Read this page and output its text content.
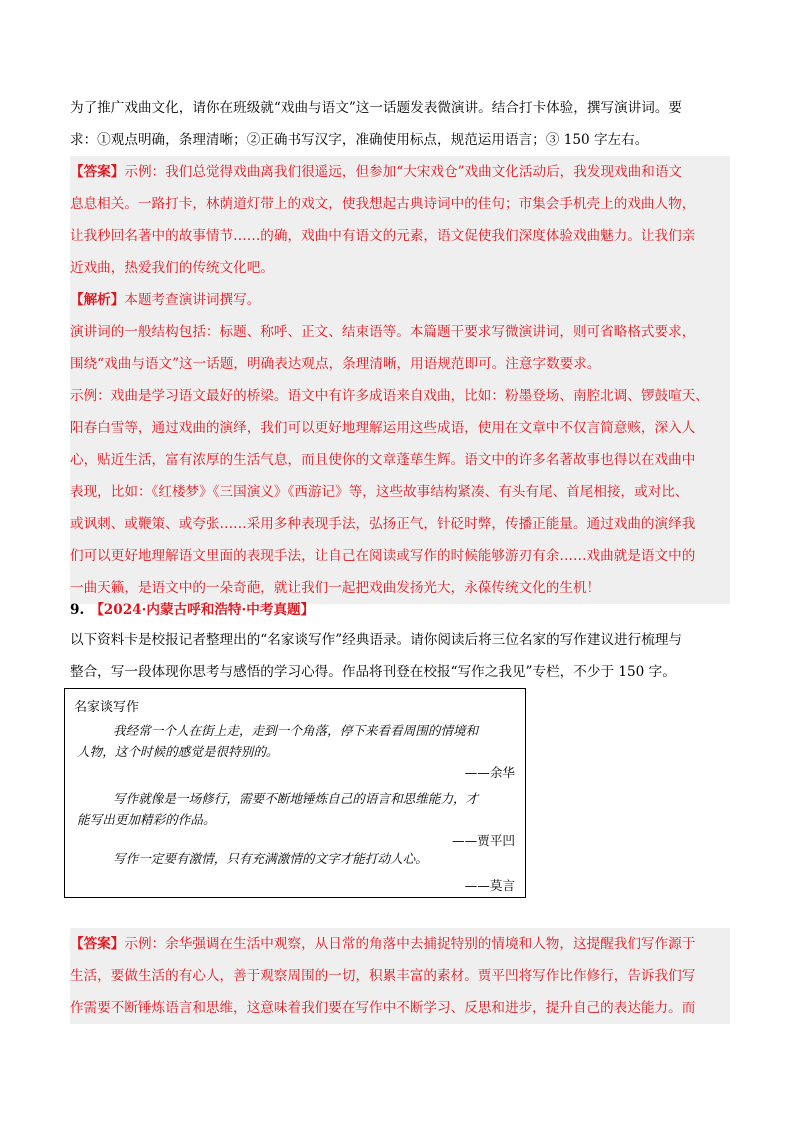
为了推广戏曲文化，请你在班级就“戏曲与语文”这一话题发表微演讲。结合打卡体验，撰写演讲词。要
求：①观点明确，条理清晰；②正确书写汉字，准确使用标点，规范运用语言；③ 150 字左右。
【答案】示例：我们总觉得戏曲离我们很遥远，但参加“大宋戏仓”戏曲文化活动后，我发现戏曲和语文
息息相关。一路打卡，林荫道灯带上的戏文，使我想起古典诗词中的佳句；市集会手机壳上的戏曲人物，
让我秒回名著中的故事情节……的确，戏曲中有语文的元素，语文促使我们深度体验戏曲魅力。让我们亲
近戏曲，热爱我们的传统文化吧。
【解析】本题考查演讲词撰写。
演讲词的一般结构包括：标题、称呼、正文、结束语等。本篇题干要求写微演讲词，则可省略格式要求，
围绕“戏曲与语文”这一话题，明确表达观点，条理清晰，用语规范即可。注意字数要求。
示例：戏曲是学习语文最好的桥梁。语文中有许多成语来自戏曲，比如：粉墨登场、南腔北调、锣鼓喧天、
阳春白雪等，通过戏曲的演绎，我们可以更好地理解运用这些成语，使用在文章中不仅言简意赅，深入人
心，贴近生活，富有浓厚的生活气息，而且使你的文章蓬荜生辉。语文中的许多名著故事也得以在戏曲中
表现，比如：《红楼梦》《三国演义》《西游记》等，这些故事结构紧凑、有头有尾、首尾相接，或对比、
或讽刺、或鞭策、或夸张……采用多种表现手法，弘扬正气，针砭时弊，传播正能量。通过戏曲的演绎我
们可以更好地理解语文里面的表现手法，让自己在阅读或写作的时候能够游刃有余……戏曲就是语文中的
一曲天籁，是语文中的一朵奇葩，就让我们一起把戏曲发扬光大，永葆传统文化的生机！
9. 【2024·内蒙古呼和浩特·中考真题】
以下资料卡是校报记者整理出的“名家谈写作”经典语录。请你阅读后将三位名家的写作建议进行梳理与
整合，写一段体现你思考与感悟的学习心得。作品将刊登在校报“写作之我见”专栏，不少于 150 字。
名家谈写作
我经常一个人在街上走，走到一个角落，停下来看看周围的情境和
人物，这个时候的感觉是很特别的。
——余华
写作就像是一场修行，需要不断地锤炼自己的语言和思维能力，才
能写出更加精彩的作品。
——贾平凹
写作一定要有激情，只有充满激情的文字才能打动人心。
——莫言
【答案】示例：余华强调在生活中观察，从日常的角落中去捕捉特别的情境和人物，这提醒我们写作源于
生活，要做生活的有心人，善于观察周围的一切，积累丰富的素材。贾平凹将写作比作修行，告诉我们写
作需要不断锤炼语言和思维，这意味着我们要在写作中不断学习、反思和进步，提升自己的表达能力。而
